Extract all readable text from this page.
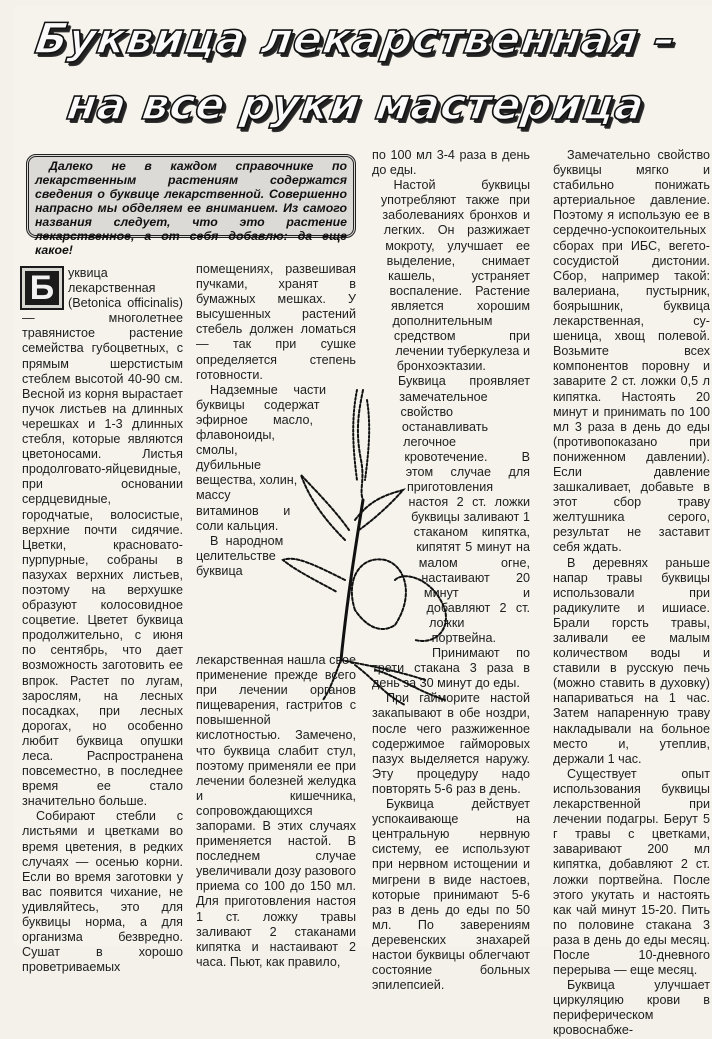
Буквица лекарственная –
на все руки мастерица

Далеко не в каждом справочнике по лекарственным растениям содержатся сведения о буквице лекарственной. Совершенно напрасно мы обделяем ее вниманием. Из самого названия следует, что это растение лекарственное, а от себя добавлю: да еще какое!

Б	уквица лекарственная (Betonica officinalis) — многолетнее травянистое растение семейства губоцветных, с прямым шерстистым стеблем высотой 40-90 см. Весной из корня вырастает пучок листьев на длинных черешках и 1-3 длинных стебля, которые являются цветоносами. Листья продолговато-яйцевидные, при основании сердцевидные, городчатые, волосистые, верхние почти сидячие. Цветки, красновато-пурпурные, собраны в пазухах верхних листьев, поэтому на верхушке образуют колосовидное соцветие. Цветет буквица продолжительно, с июня по сентябрь, что дает возможность заготовить ее впрок. Растет по лугам, зарослям, на лесных посадках, при лесных дорогах, но особенно любит буквица опушки леса. Распространена повсеместно, в последнее время ее стало значительно больше.

Собирают стебли с листьями и цветками во время цветения, в редких случаях — осенью корни. Если во время заготовки у вас появится чихание, не удивляйтесь, это для буквицы норма, а для организма безвредно. Сушат в хорошо проветриваемых

помещениях, развешивая пучками, хранят в бумажных мешках. У высушенных растений стебель должен ломаться — так при сушке определяется степень готовности.

Надземные части буквицы содержат эфирное масло, флавоноиды, смолы, дубильные вещества, холин, массу витаминов и соли кальция.

В народном целительстве буквица лекарственная нашла свое применение прежде всего при лечении органов пищеварения, гастритов с повышенной кислотностью. Замечено, что буквица слабит стул, поэтому применяли ее при лечении болезней желудка и кишечника, сопровождающихся запорами. В этих случаях применяется настой. В последнем случае увеличивали дозу разового приема со 100 до 150 мл. Для приготовления настоя 1 ст. ложку травы заливают 2 стаканами кипятка и настаивают 2 часа. Пьют, как правило,

по 100 мл 3-4 раза в день до еды.

Настой буквицы употребляют также при заболеваниях бронхов и легких. Он разжижает мокроту, улучшает ее выделение, снимает кашель, устраняет воспаление. Растение является хорошим дополнительным средством при лечении туберкулеза и бронхоэктазии. Буквица проявляет замечательное свойство останавливать легочное кровотечение. В этом случае для приготовления настоя 2 ст. ложки буквицы заливают 1 стаканом кипятка, кипятят 5 минут на малом огне, настаивают 20 минут и добавляют 2 ст. ложки портвейна. Принимают по трети стакана 3 раза в день за 30 минут до еды.

При гайморите настой закапывают в обе ноздри, после чего разжиженное содержимое гайморовых пазух выделяется наружу. Эту процедуру надо повторять 5-6 раз в день.

Буквица действует успокаивающе на центральную нервную систему, ее используют при нервном истощении и мигрени в виде настоев, которые принимают 5-6 раз в день до еды по 50 мл. По заверениям деревенских знахарей настои буквицы облегчают состояние больных эпилепсией.

Замечательно свойство буквицы мягко и стабильно понижать артериальное давление. Поэтому я использую ее в сердечно-успокоительных сборах при ИБС, вегето-сосудистой дистонии. Сбор, например такой: валериана, пустырник, боярышник, буквица лекарственная, су-шеница, хвощ полевой. Возьмите всех компонентов поровну и заварите 2 ст. ложки 0,5 л кипятка. Настоять 20 минут и принимать по 100 мл 3 раза в день до еды (противопоказано при пониженном давлении). Если давление зашкаливает, добавьте в этот сбор траву желтушника серого, результат не заставит себя ждать.

В деревнях раньше напар травы буквицы использовали при радикулите и ишиасе. Брали горсть травы, заливали ее малым количеством воды и ставили в русскую печь (можно ставить в духовку) напариваться на 1 час. Затем напаренную траву накладывали на больное место и, утеплив, держали 1 час.

Существует опыт использования буквицы лекарственной при лечении подагры. Берут 5 г травы с цветками, заваривают 200 мл кипятка, добавляют 2 ст. ложки портвейна. После этого укутать и настоять как чай минут 15-20. Пить по половине стакана 3 раза в день до еды месяц. После 10-дневного перерыва — еще месяц.

Буквица улучшает циркуляцию крови в периферическом кровоснабже-
